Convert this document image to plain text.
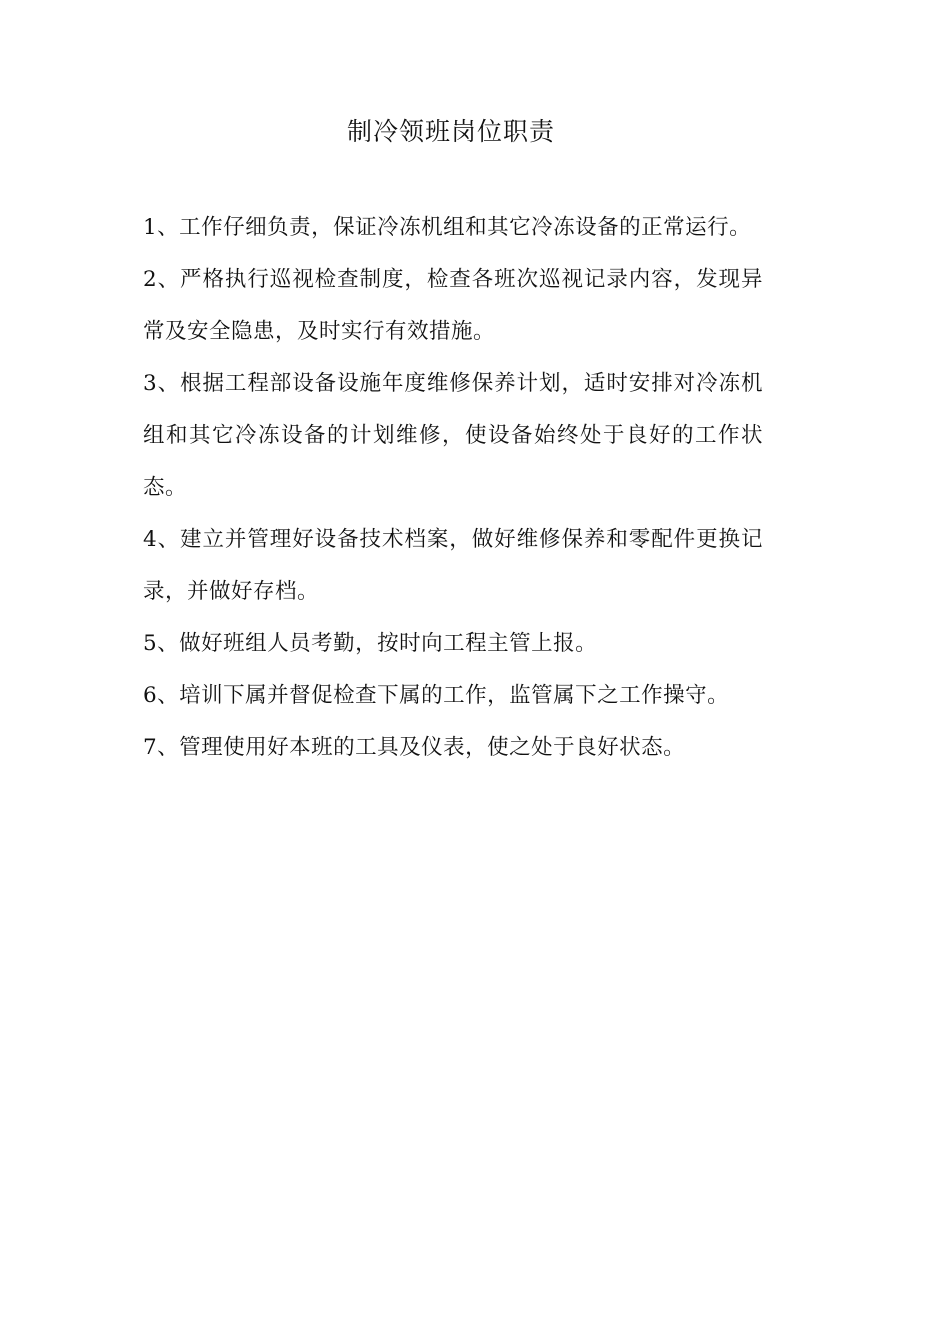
制冷领班岗位职责
1、工作仔细负责，保证冷冻机组和其它冷冻设备的正常运行。
2、严格执行巡视检查制度，检查各班次巡视记录内容，发现异常及安全隐患，及时实行有效措施。
3、根据工程部设备设施年度维修保养计划，适时安排对冷冻机组和其它冷冻设备的计划维修，使设备始终处于良好的工作状态。
4、建立并管理好设备技术档案，做好维修保养和零配件更换记录，并做好存档。
5、做好班组人员考勤，按时向工程主管上报。
6、培训下属并督促检查下属的工作，监管属下之工作操守。
7、管理使用好本班的工具及仪表，使之处于良好状态。
